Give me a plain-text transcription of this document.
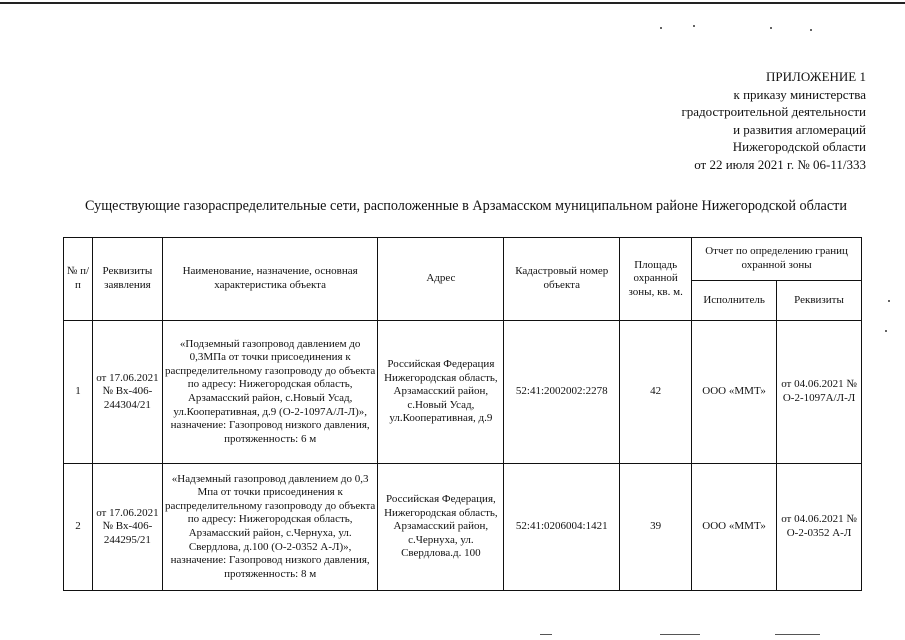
ПРИЛОЖЕНИЕ 1
к приказу министерства
градостроительной деятельности
и развития агломераций
Нижегородской области
от 22 июля 2021 г. № 06-11/333
Существующие газораспределительные сети, расположенные в Арзамасском муниципальном районе Нижегородской области
№ п/п	Реквизиты заявления	Наименование, назначение, основная характеристика объекта	Адрес	Кадастровый номер объекта	Площадь охранной зоны, кв. м.	Отчет по определению границ охранной зоны	
						Исполнитель	Реквизиты
1	от 17.06.2021 № Вх-406-244304/21	«Подземный газопровод давлением до 0,3МПа от точки присоединения к распределительному газопроводу до объекта по адресу: Нижегородская область, Арзамасский район, с.Новый Усад, ул.Кооперативная, д.9 (О-2-1097А/Л-Л)», назначение: Газопровод низкого давления, протяженность: 6 м	Российская Федерация Нижегородская область, Арзамасский район, с.Новый Усад, ул.Кооперативная, д.9	52:41:2002002:2278	42	ООО «ММТ»	от 04.06.2021 № О-2-1097А/Л-Л
2	от 17.06.2021 № Вх-406-244295/21	«Надземный газопровод давлением до 0,3 Мпа от точки присоединения к распределительному газопроводу до объекта по адресу: Нижегородская область, Арзамасский район, с.Чернуха, ул. Свердлова, д.100 (О-2-0352 А-Л)», назначение: Газопровод низкого давления, протяженность: 8 м	Российская Федерация, Нижегородская область, Арзамасский район, с.Чернуха, ул. Свердлова.д. 100	52:41:0206004:1421	39	ООО «ММТ»	от 04.06.2021 № О-2-0352 А-Л
